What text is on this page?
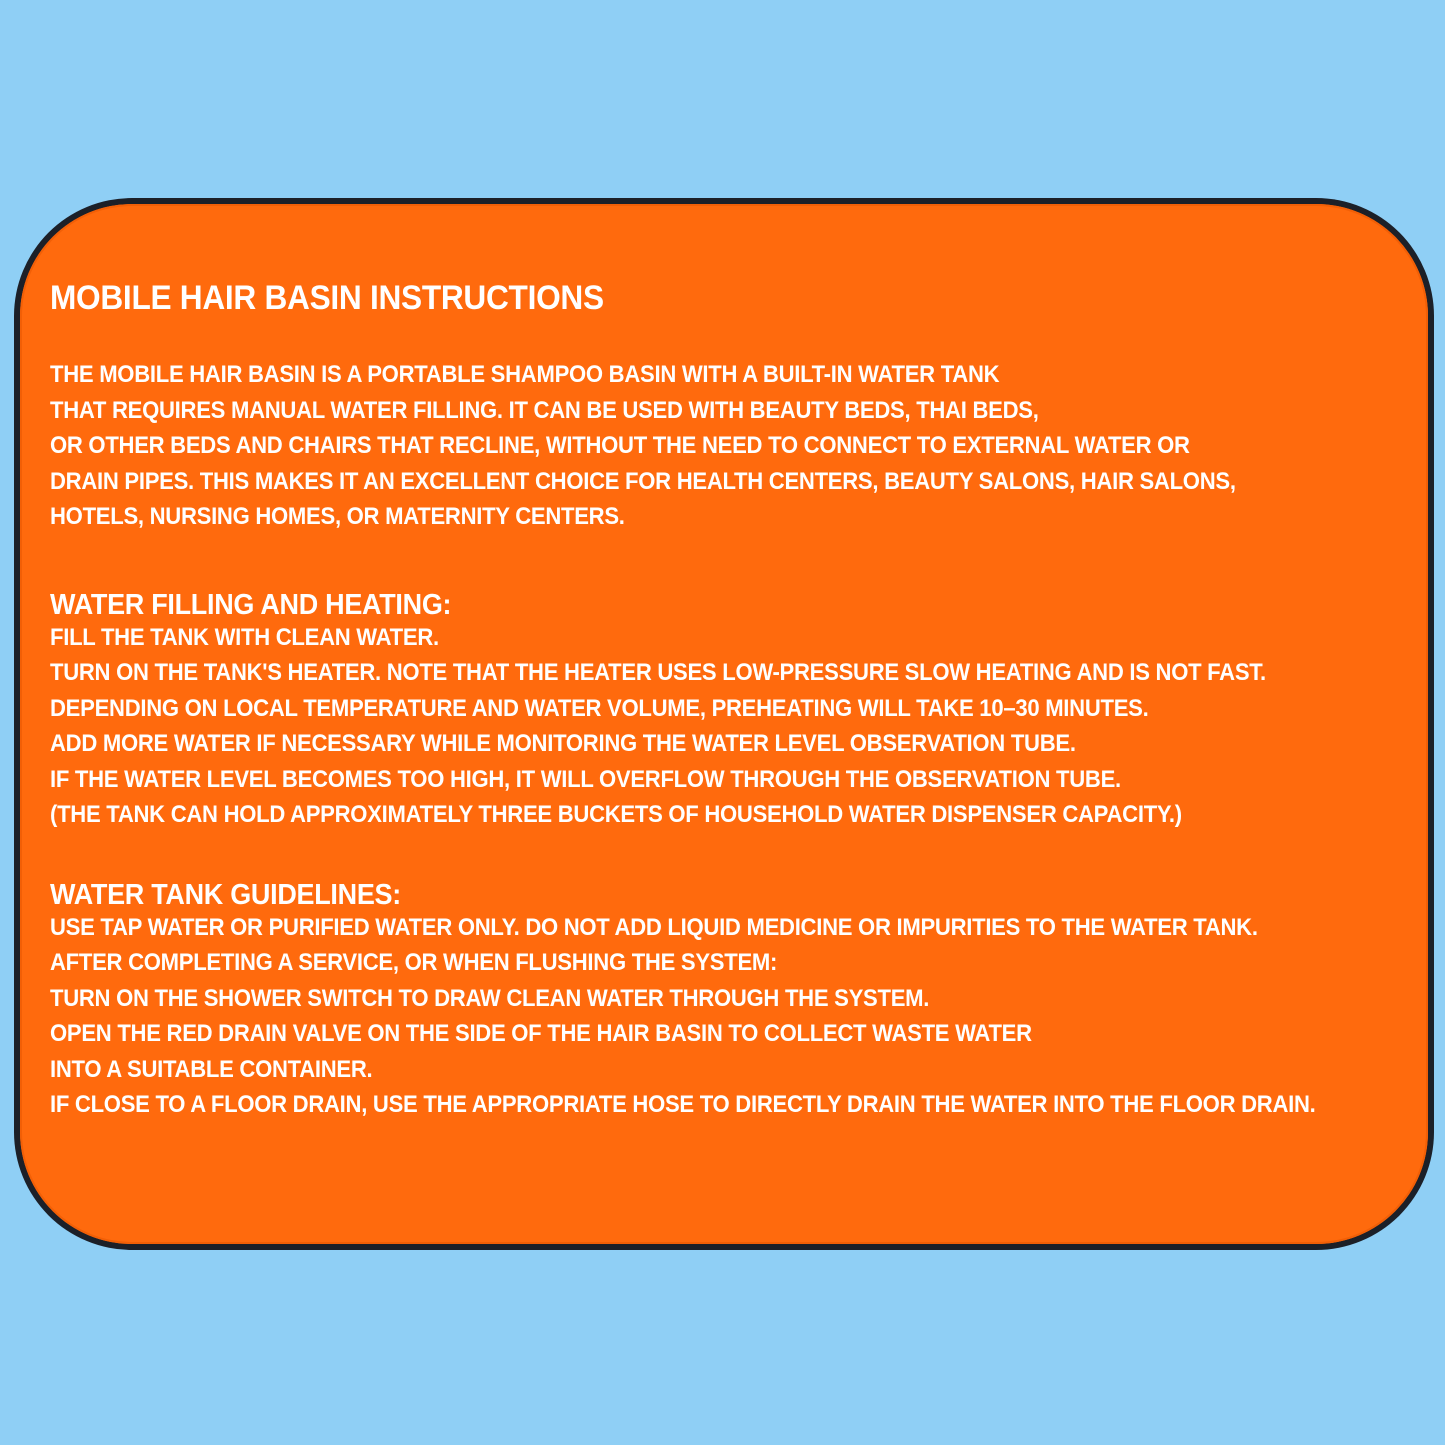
MOBILE HAIR BASIN INSTRUCTIONS
THE MOBILE HAIR BASIN IS A PORTABLE SHAMPOO BASIN WITH A BUILT-IN WATER TANK
THAT REQUIRES MANUAL WATER FILLING. IT CAN BE USED WITH BEAUTY BEDS, THAI BEDS,
OR OTHER BEDS AND CHAIRS THAT RECLINE, WITHOUT THE NEED TO CONNECT TO EXTERNAL WATER OR
DRAIN PIPES. THIS MAKES IT AN EXCELLENT CHOICE FOR HEALTH CENTERS, BEAUTY SALONS, HAIR SALONS,
HOTELS, NURSING HOMES, OR MATERNITY CENTERS.
WATER FILLING AND HEATING:
FILL THE TANK WITH CLEAN WATER.
TURN ON THE TANK'S HEATER. NOTE THAT THE HEATER USES LOW-PRESSURE SLOW HEATING AND IS NOT FAST.
DEPENDING ON LOCAL TEMPERATURE AND WATER VOLUME, PREHEATING WILL TAKE 10–30 MINUTES.
ADD MORE WATER IF NECESSARY WHILE MONITORING THE WATER LEVEL OBSERVATION TUBE.
IF THE WATER LEVEL BECOMES TOO HIGH, IT WILL OVERFLOW THROUGH THE OBSERVATION TUBE.
(THE TANK CAN HOLD APPROXIMATELY THREE BUCKETS OF HOUSEHOLD WATER DISPENSER CAPACITY.)
WATER TANK GUIDELINES:
USE TAP WATER OR PURIFIED WATER ONLY. DO NOT ADD LIQUID MEDICINE OR IMPURITIES TO THE WATER TANK.
AFTER COMPLETING A SERVICE, OR WHEN FLUSHING THE SYSTEM:
TURN ON THE SHOWER SWITCH TO DRAW CLEAN WATER THROUGH THE SYSTEM.
OPEN THE RED DRAIN VALVE ON THE SIDE OF THE HAIR BASIN TO COLLECT WASTE WATER
INTO A SUITABLE CONTAINER.
IF CLOSE TO A FLOOR DRAIN, USE THE APPROPRIATE HOSE TO DIRECTLY DRAIN THE WATER INTO THE FLOOR DRAIN.
